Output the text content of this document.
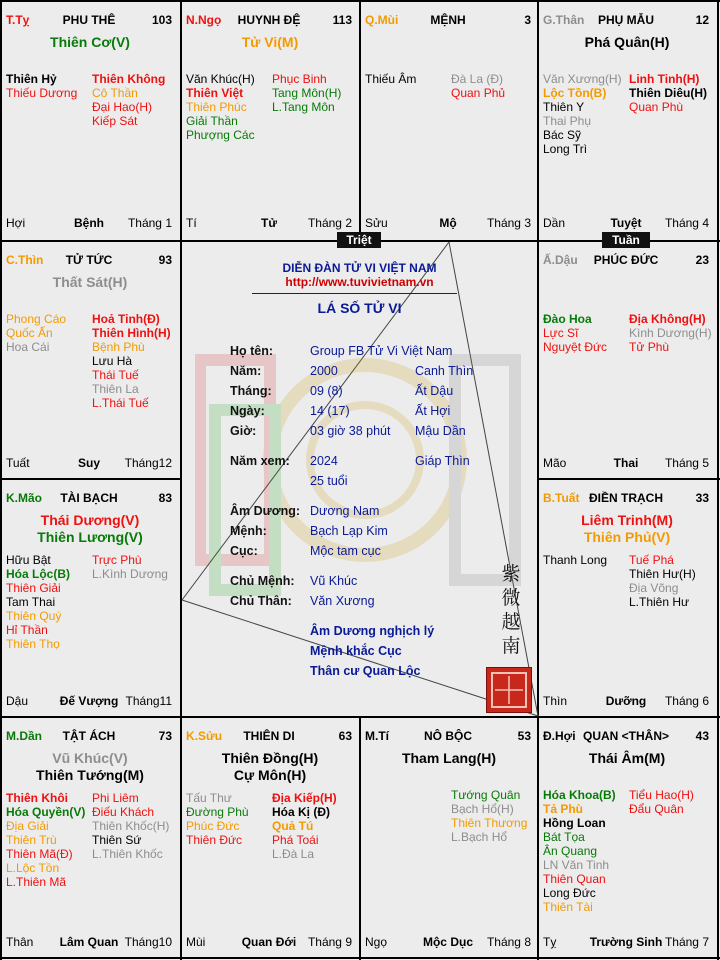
T.Tỵ	PHU THÊ	103
Thiên Cơ(V)
Thiên Hỷ
Thiếu Dương
Thiên Không
Cô Thần
Đại Hao(H)
Kiếp Sát
Hợi	Bệnh	Tháng 1
N.Ngọ	HUYNH ĐỆ	113
Tử Vi(M)
Văn Khúc(H)
Thiên Việt
Thiên Phúc
Giải Thần
Phượng Các
Phục Binh
Tang Môn(H)
L.Tang Môn
Tí	Tử	Tháng 2
Q.Mùi	MỆNH	3
Thiếu Âm	Đà La (Đ)
Quan Phủ
Sửu	Mộ	Tháng 3
G.Thân	PHỤ MẪU	12
Phá Quân(H)
Văn Xương(H)
Lộc Tồn(B)
Thiên Y
Thai Phụ
Bác Sỹ
Long Trì
Linh Tinh(H)
Thiên Diêu(H)
Quan Phù
Dần	Tuyệt	Tháng 4
C.Thìn	TỬ TỨC	93
Thất Sát(H)
Phong Cáo
Quốc Ấn
Hoa Cái
Hoả Tinh(Đ)
Thiên Hình(H)
Bệnh Phù
Lưu Hà
Thái Tuế
Thiên La
L.Thái Tuế
Tuất	Suy	Tháng12
Ấ.Dậu	PHÚC ĐỨC	23
Đào Hoa
Lực Sĩ
Nguyệt Đức
Địa Không(H)
Kình Dương(H)
Tử Phù
Mão	Thai	Tháng 5
K.Mão	TÀI BẠCH	83
Thái Dương(V)
Thiên Lương(V)
Hữu Bật
Hóa Lộc(B)
Thiên Giải
Tam Thai
Thiên Quý
Hỉ Thần
Thiên Thọ
Trực Phù
L.Kình Dương
Dậu	Đế Vượng Tháng11
B.Tuất ĐIỀN TRẠCH	33
Liêm Trinh(M)
Thiên Phủ(V)
Thanh Long Tuế Phá
Thiên Hư(H)
Địa Võng
L.Thiên Hư
Thìn	Dưỡng	Tháng 6
M.Dần	TẬT ÁCH	73
Vũ Khúc(V)
Thiên Tướng(M)
Thiên Khôi
Hóa Quyền(V)
Địa Giải
Thiên Trù
Thiên Mã(Đ)
L.Lộc Tồn
L.Thiên Mã
Phi Liêm
Điếu Khách
Thiên Khốc(H)
Thiên Sứ
L.Thiên Khốc
Thân	Lâm Quan Tháng10
K.Sửu	THIÊN DI	63
Thiên Đồng(H)
Cự Môn(H)
Tấu Thư
Đường Phù
Phúc Đức
Thiên Đức
Địa Kiếp(H)
Hóa Kị (Đ)
Quả Tú
Phá Toái
L.Đà La
Mùi	Quan Đới Tháng 9
M.Tí	NÔ BỘC	53
Tham Lang(H)
Tướng Quân
Bạch Hổ(H)
Thiên Thương
L.Bạch Hổ
Ngọ	Mộc Dục	Tháng 8
Đ.Hợi QUAN <THÂN>	43
Thái Âm(M)
Hóa Khoa(B)
Tả Phù
Hồng Loan
Bát Tọa
Ân Quang
LN Văn Tinh
Thiên Quan
Long Đức
Thiên Tài
Tiểu Hao(H)
Đẩu Quân
Tỵ	Trường Sinh Tháng 7
Triệt	Tuần
DIỄN ĐÀN TỬ VI VIỆT NAM
http://www.tuvivietnam.vn
LÁ SỐ TỬ VI
Họ tên:	Group FB Tử Vi Việt Nam
Năm:	2000	Canh Thìn
Tháng:	09 (8)	Ất Dậu
Ngày:	14 (17)	Ất Hợi
Giờ:	03 giờ 38 phút Mậu Dần
Năm xem: 2024	Giáp Thìn
25 tuổi
Âm Dương: Dương Nam
Mệnh:	Bạch Lạp Kim
Cục:	Mộc tam cục
Chủ Mệnh: Vũ Khúc
Chủ Thân: Văn Xương
Âm Dương nghịch lý
Mệnh khắc Cục
Thân cư Quan Lộc
紫微越南
